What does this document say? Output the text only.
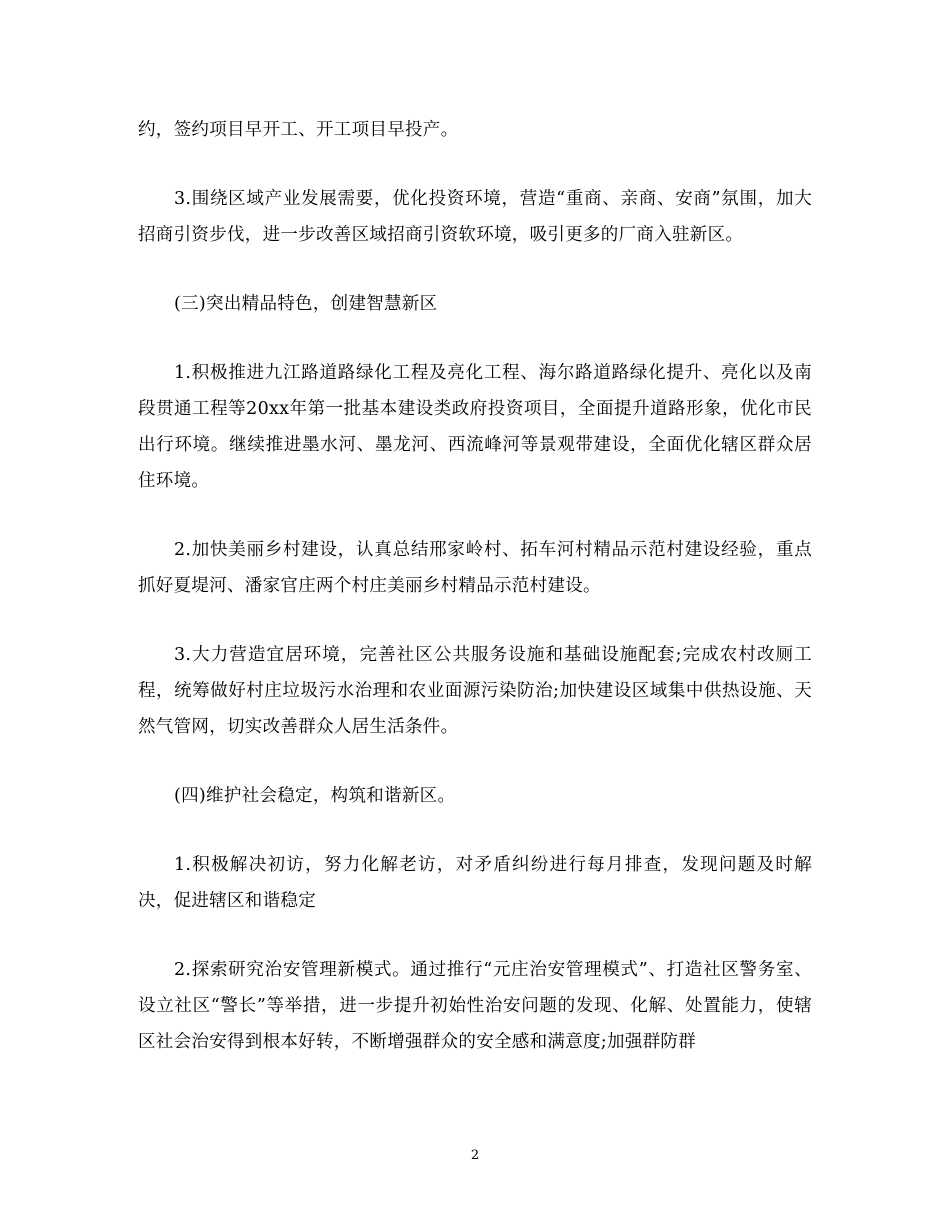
约，签约项目早开工、开工项目早投产。

3.围绕区域产业发展需要，优化投资环境，营造“重商、亲商、安商”氛围，加大招商引资步伐，进一步改善区域招商引资软环境，吸引更多的厂商入驻新区。

(三)突出精品特色，创建智慧新区

1.积极推进九江路道路绿化工程及亮化工程、海尔路道路绿化提升、亮化以及南段贯通工程等20xx年第一批基本建设类政府投资项目，全面提升道路形象，优化市民出行环境。继续推进墨水河、墨龙河、西流峰河等景观带建设，全面优化辖区群众居住环境。

2.加快美丽乡村建设，认真总结邢家岭村、拓车河村精品示范村建设经验，重点抓好夏堤河、潘家官庄两个村庄美丽乡村精品示范村建设。

3.大力营造宜居环境，完善社区公共服务设施和基础设施配套;完成农村改厕工程，统筹做好村庄垃圾污水治理和农业面源污染防治;加快建设区域集中供热设施、天然气管网，切实改善群众人居生活条件。

(四)维护社会稳定，构筑和谐新区。

1.积极解决初访，努力化解老访，对矛盾纠纷进行每月排查，发现问题及时解决，促进辖区和谐稳定

2.探索研究治安管理新模式。通过推行“元庄治安管理模式”、打造社区警务室、设立社区“警长”等举措，进一步提升初始性治安问题的发现、化解、处置能力，使辖区社会治安得到根本好转，不断增强群众的安全感和满意度;加强群防群

2
